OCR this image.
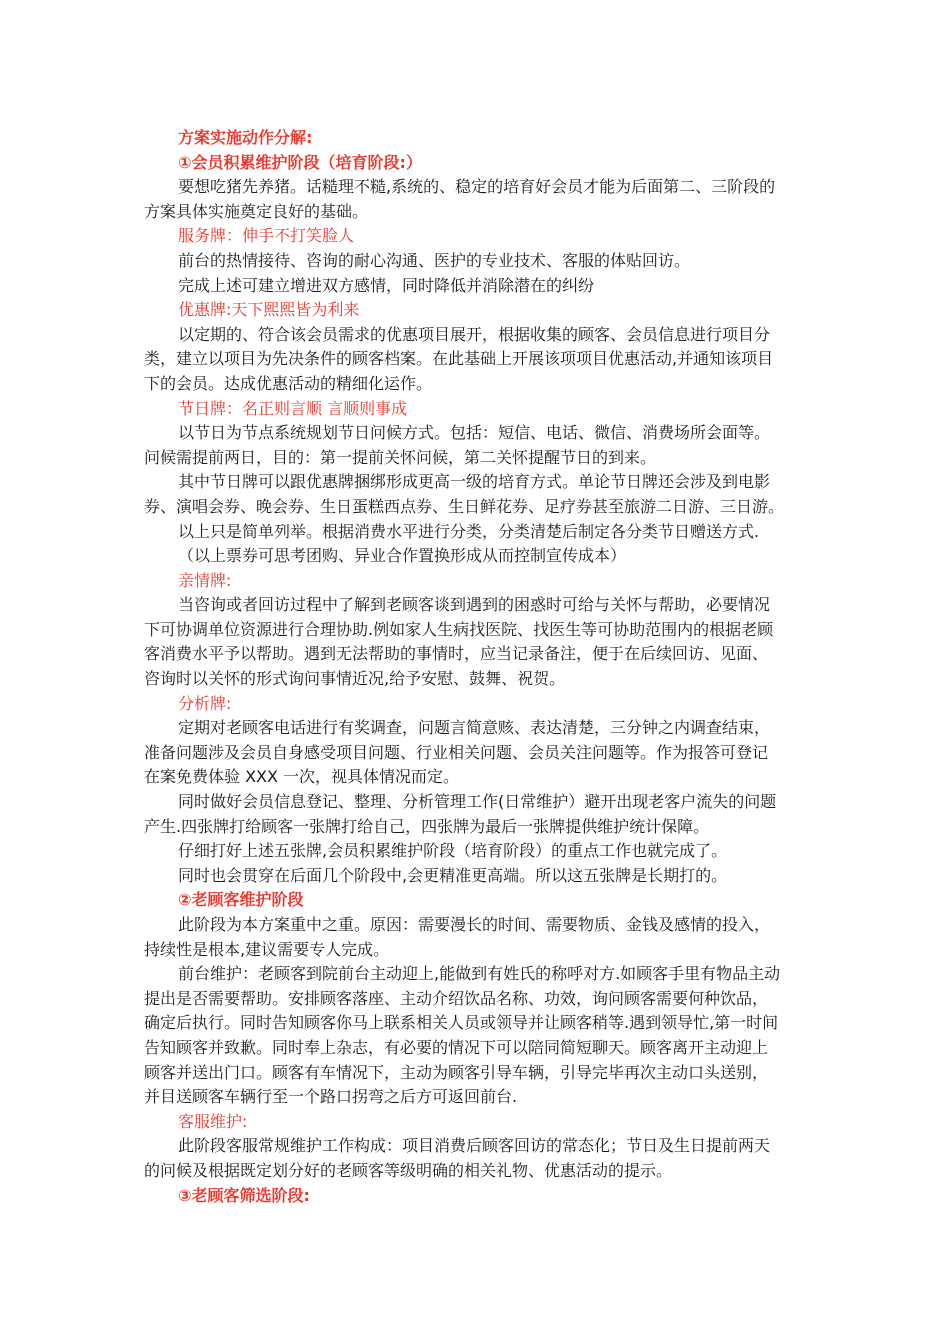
方案实施动作分解:
①会员积累维护阶段（培育阶段:）
要想吃猪先养猪。话糙理不糙,系统的、稳定的培育好会员才能为后面第二、三阶段的
方案具体实施奠定良好的基础。
服务牌：伸手不打笑脸人
前台的热情接待、咨询的耐心沟通、医护的专业技术、客服的体贴回访。
完成上述可建立增进双方感情，同时降低并消除潜在的纠纷
优惠牌:天下熙熙皆为利来
以定期的、符合该会员需求的优惠项目展开，根据收集的顾客、会员信息进行项目分
类，建立以项目为先决条件的顾客档案。在此基础上开展该项项目优惠活动,并通知该项目
下的会员。达成优惠活动的精细化运作。
节日牌：名正则言顺 言顺则事成
以节日为节点系统规划节日问候方式。包括：短信、电话、微信、消费场所会面等。
问候需提前两日，目的：第一提前关怀问候，第二关怀提醒节日的到来。
其中节日牌可以跟优惠牌捆绑形成更高一级的培育方式。单论节日牌还会涉及到电影
券、演唱会券、晚会券、生日蛋糕西点券、生日鲜花券、足疗券甚至旅游二日游、三日游。
以上只是简单列举。根据消费水平进行分类，分类清楚后制定各分类节日赠送方式.
（以上票券可思考团购、异业合作置换形成从而控制宣传成本）
亲情牌:
当咨询或者回访过程中了解到老顾客谈到遇到的困惑时可给与关怀与帮助，必要情况
下可协调单位资源进行合理协助.例如家人生病找医院、找医生等可协助范围内的根据老顾
客消费水平予以帮助。遇到无法帮助的事情时，应当记录备注，便于在后续回访、见面、
咨询时以关怀的形式询问事情近况,给予安慰、鼓舞、祝贺。
分析牌:
定期对老顾客电话进行有奖调查，问题言简意赅、表达清楚，三分钟之内调查结束，
准备问题涉及会员自身感受项目问题、行业相关问题、会员关注问题等。作为报答可登记
在案免费体验 XXX 一次，视具体情况而定。
同时做好会员信息登记、整理、分析管理工作(日常维护）避开出现老客户流失的问题
产生.四张牌打给顾客一张牌打给自己，四张牌为最后一张牌提供维护统计保障。
仔细打好上述五张牌,会员积累维护阶段（培育阶段）的重点工作也就完成了。
同时也会贯穿在后面几个阶段中,会更精准更高端。所以这五张牌是长期打的。
②老顾客维护阶段
此阶段为本方案重中之重。原因：需要漫长的时间、需要物质、金钱及感情的投入，
持续性是根本,建议需要专人完成。
前台维护：老顾客到院前台主动迎上,能做到有姓氏的称呼对方.如顾客手里有物品主动
提出是否需要帮助。安排顾客落座、主动介绍饮品名称、功效，询问顾客需要何种饮品，
确定后执行。同时告知顾客你马上联系相关人员或领导并让顾客稍等.遇到领导忙,第一时间
告知顾客并致歉。同时奉上杂志，有必要的情况下可以陪同简短聊天。顾客离开主动迎上
顾客并送出门口。顾客有车情况下，主动为顾客引导车辆，引导完毕再次主动口头送别，
并目送顾客车辆行至一个路口拐弯之后方可返回前台.
客服维护:
此阶段客服常规维护工作构成：项目消费后顾客回访的常态化；节日及生日提前两天
的问候及根据既定划分好的老顾客等级明确的相关礼物、优惠活动的提示。
③老顾客筛选阶段:
